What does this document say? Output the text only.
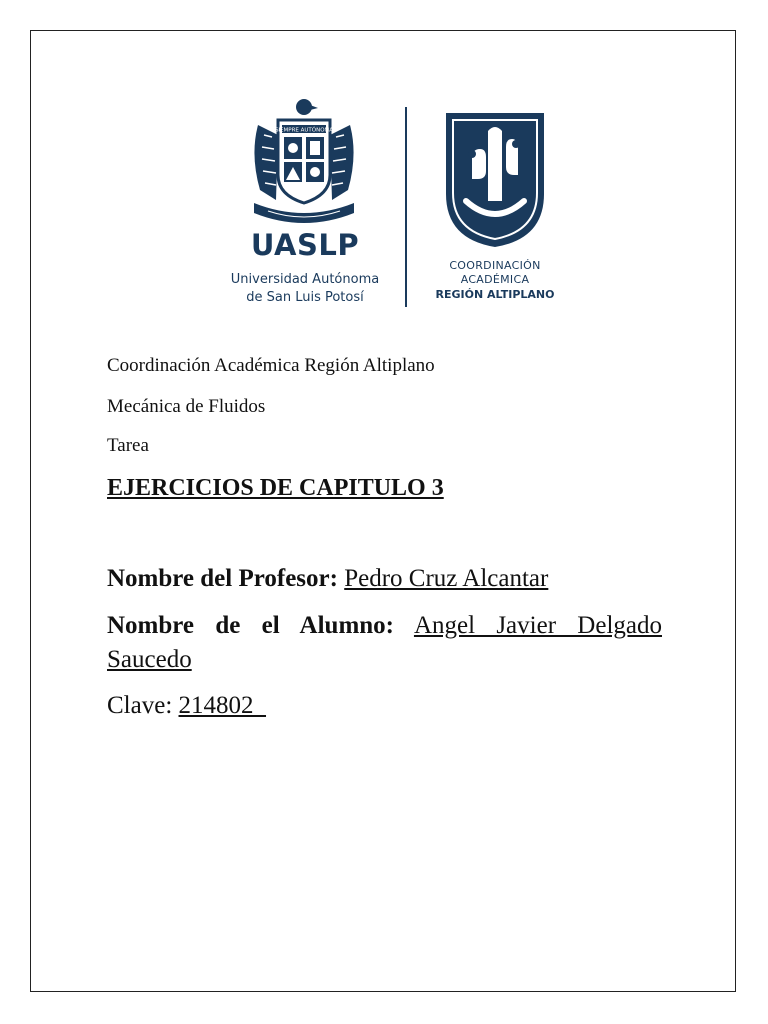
SIEMPRE AUTÓNOMA
UASLP
Universidad Autónoma
de San Luis Potosí
COORDINACIÓN
ACADÉMICA
REGIÓN ALTIPLANO
Coordinación Académica Región Altiplano
Mecánica de Fluidos
Tarea
EJERCICIOS DE CAPITULO 3
Nombre del Profesor: Pedro Cruz Alcantar
Nombre de el Alumno: Angel Javier Delgado
Saucedo
Clave: 214802
